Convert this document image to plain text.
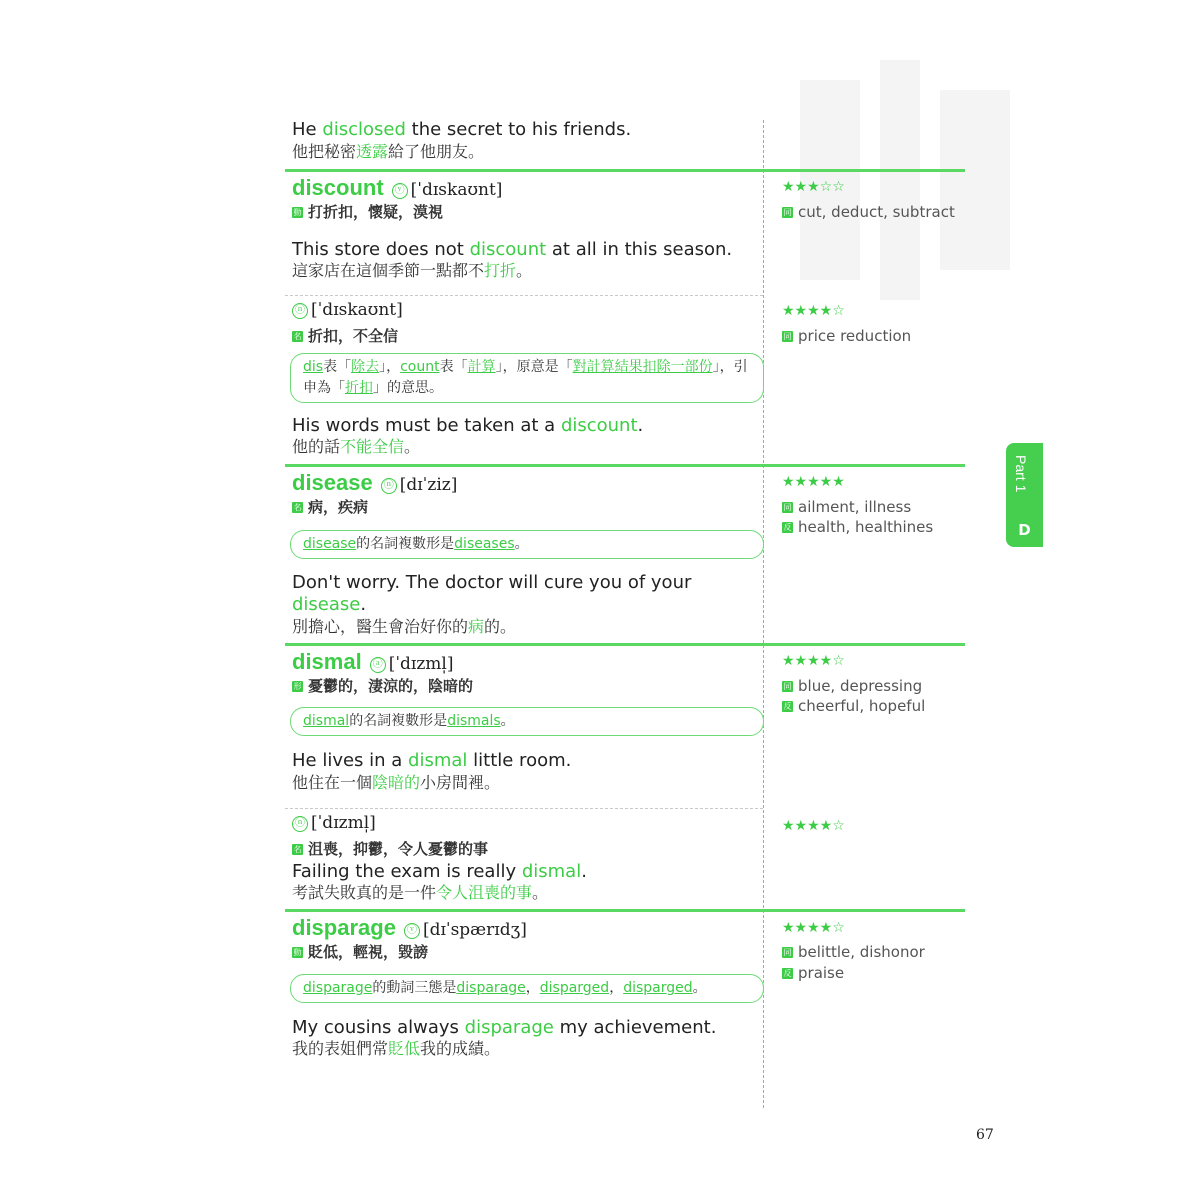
He disclosed the secret to his friends.
他把秘密透露給了他朋友。
discount	ⓥ [ˈdɪskaʊnt]
動 打折扣，懷疑，漠視
This store does not discount at all in this season.
這家店在這個季節一點都不打折。
★★★☆☆
同 cut, deduct, subtract
ⓝ [ˈdɪskaʊnt]
名 折扣，不全信
dis表「除去」，count表「計算」，原意是「對計算結果扣除一部份」，引申為「折扣」的意思。
His words must be taken at a discount.
他的話不能全信。
★★★★☆
同 price reduction
disease	ⓝ [dɪˈziz]
名 病，疾病
disease的名詞複數形是diseases。
Don't worry. The doctor will cure you of your disease.
別擔心，醫生會治好你的病的。
★★★★★
同 ailment, illness
反 health, healthines
dismal	ⓐ [ˈdɪzml̩]
形 憂鬱的，淒涼的，陰暗的
dismal的名詞複數形是dismals。
He lives in a dismal little room.
他住在一個陰暗的小房間裡。
★★★★☆
同 blue, depressing
反 cheerful, hopeful
ⓝ [ˈdɪzml̩]
名 沮喪，抑鬱，令人憂鬱的事
Failing the exam is really dismal.
考試失敗真的是一件令人沮喪的事。
★★★★☆
disparage	ⓥ [dɪˈspærɪdʒ]
動 貶低，輕視，毀謗
disparage的動詞三態是disparage，disparged，disparged。
My cousins always disparage my achievement.
我的表姐們常貶低我的成績。
★★★★☆
同 belittle, dishonor
反 praise
Part 1
D
67
